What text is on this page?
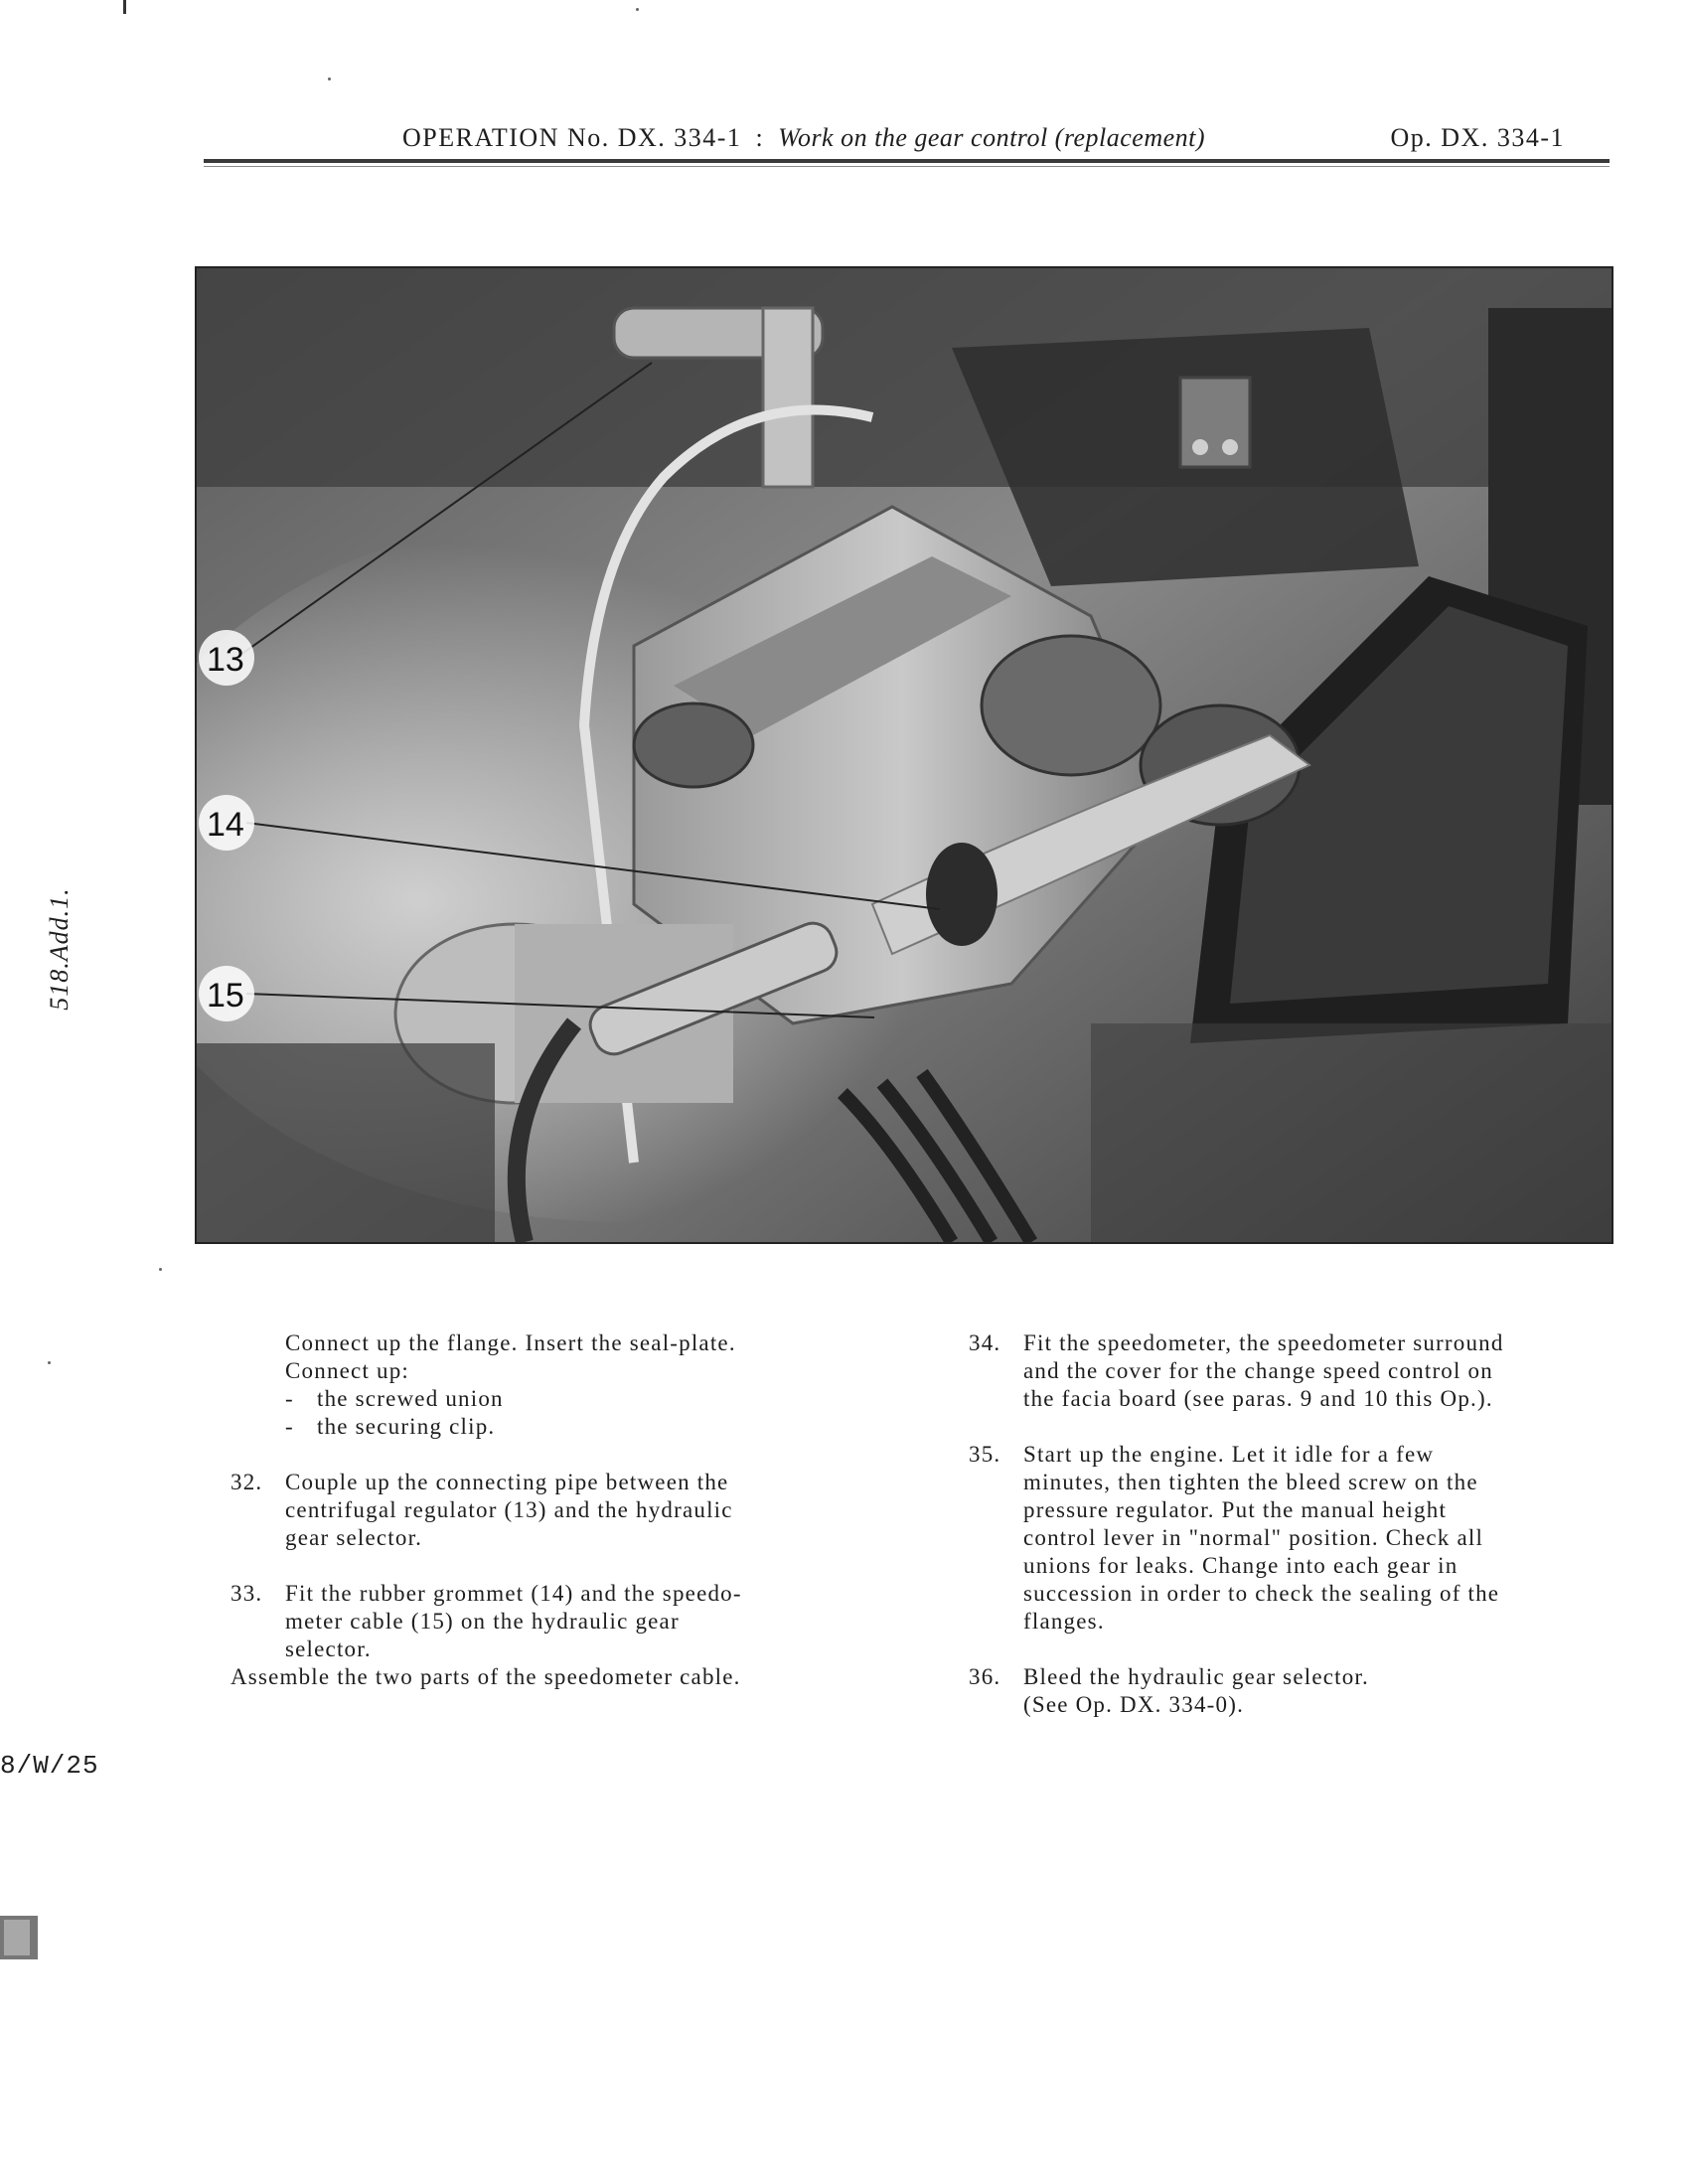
OPERATION No. DX. 334-1 : Work on the gear control (replacement)	Op. DX. 334-1
13
14
15
518.Add.1.
Connect up the flange. Insert the seal-plate.
Connect up:
- the screwed union
- the securing clip.
32. Couple up the connecting pipe between the
centrifugal regulator (13) and the hydraulic
gear selector.
33. Fit the rubber grommet (14) and the speedo-
meter cable (15) on the hydraulic gear
selector.
Assemble the two parts of the speedometer cable.
34. Fit the speedometer, the speedometer surround
and the cover for the change speed control on
the facia board (see paras. 9 and 10 this Op.).
35. Start up the engine. Let it idle for a few
minutes, then tighten the bleed screw on the
pressure regulator. Put the manual height
control lever in "normal" position. Check all
unions for leaks. Change into each gear in
succession in order to check the sealing of the
flanges.
36. Bleed the hydraulic gear selector.
(See Op. DX. 334-0).
8/W/25
